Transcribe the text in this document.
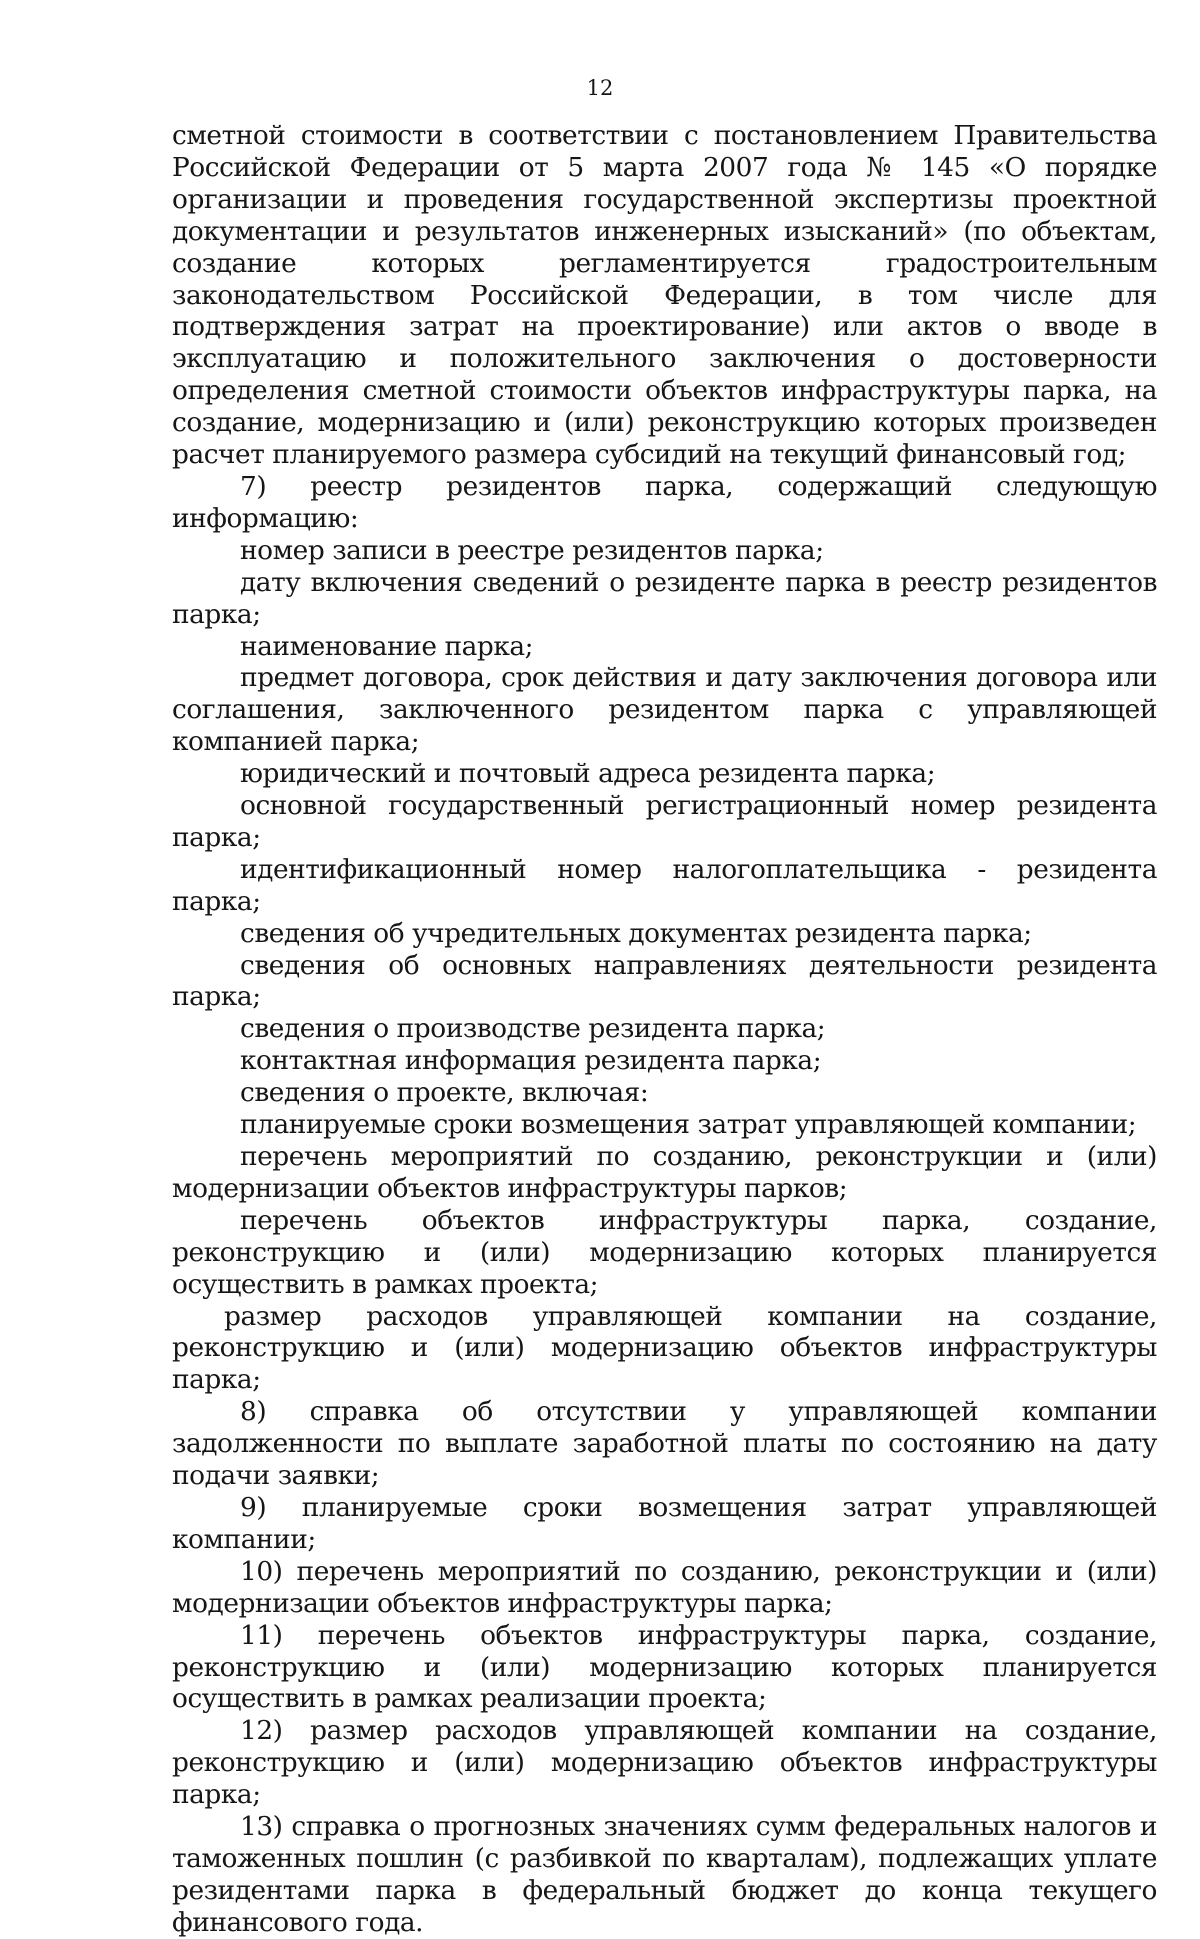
12

сметной стоимости в соответствии с постановлением Правительства Российской Федерации от 5 марта 2007 года № 145 «О порядке организации и проведения государственной экспертизы проектной документации и результатов инженерных изысканий» (по объектам, создание которых регламентируется градостроительным законодательством Российской Федерации, в том числе для подтверждения затрат на проектирование) или актов о вводе в эксплуатацию и положительного заключения о достоверности определения сметной стоимости объектов инфраструктуры парка, на создание, модернизацию и (или) реконструкцию которых произведен расчет планируемого размера субсидий на текущий финансовый год;

7) реестр резидентов парка, содержащий следующую информацию:

номер записи в реестре резидентов парка;

дату включения сведений о резиденте парка в реестр резидентов парка;

наименование парка;

предмет договора, срок действия и дату заключения договора или соглашения, заключенного резидентом парка с управляющей компанией парка;

юридический и почтовый адреса резидента парка;

основной государственный регистрационный номер резидента парка;

идентификационный номер налогоплательщика - резидента парка;

сведения об учредительных документах резидента парка;

сведения об основных направлениях деятельности резидента парка;

сведения о производстве резидента парка;

контактная информация резидента парка;

сведения о проекте, включая:

планируемые сроки возмещения затрат управляющей компании;

перечень мероприятий по созданию, реконструкции и (или) модернизации объектов инфраструктуры парков;

перечень объектов инфраструктуры парка, создание, реконструкцию и (или) модернизацию которых планируется осуществить в рамках проекта;

размер расходов управляющей компании на создание, реконструкцию и (или) модернизацию объектов инфраструктуры парка;

8) справка об отсутствии у управляющей компании задолженности по выплате заработной платы по состоянию на дату подачи заявки;

9) планируемые сроки возмещения затрат управляющей компании;

10) перечень мероприятий по созданию, реконструкции и (или) модернизации объектов инфраструктуры парка;

11) перечень объектов инфраструктуры парка, создание, реконструкцию и (или) модернизацию которых планируется осуществить в рамках реализации проекта;

12) размер расходов управляющей компании на создание, реконструкцию и (или) модернизацию объектов инфраструктуры парка;

13) справка о прогнозных значениях сумм федеральных налогов и таможенных пошлин (с разбивкой по кварталам), подлежащих уплате резидентами парка в федеральный бюджет до конца текущего финансового года.
